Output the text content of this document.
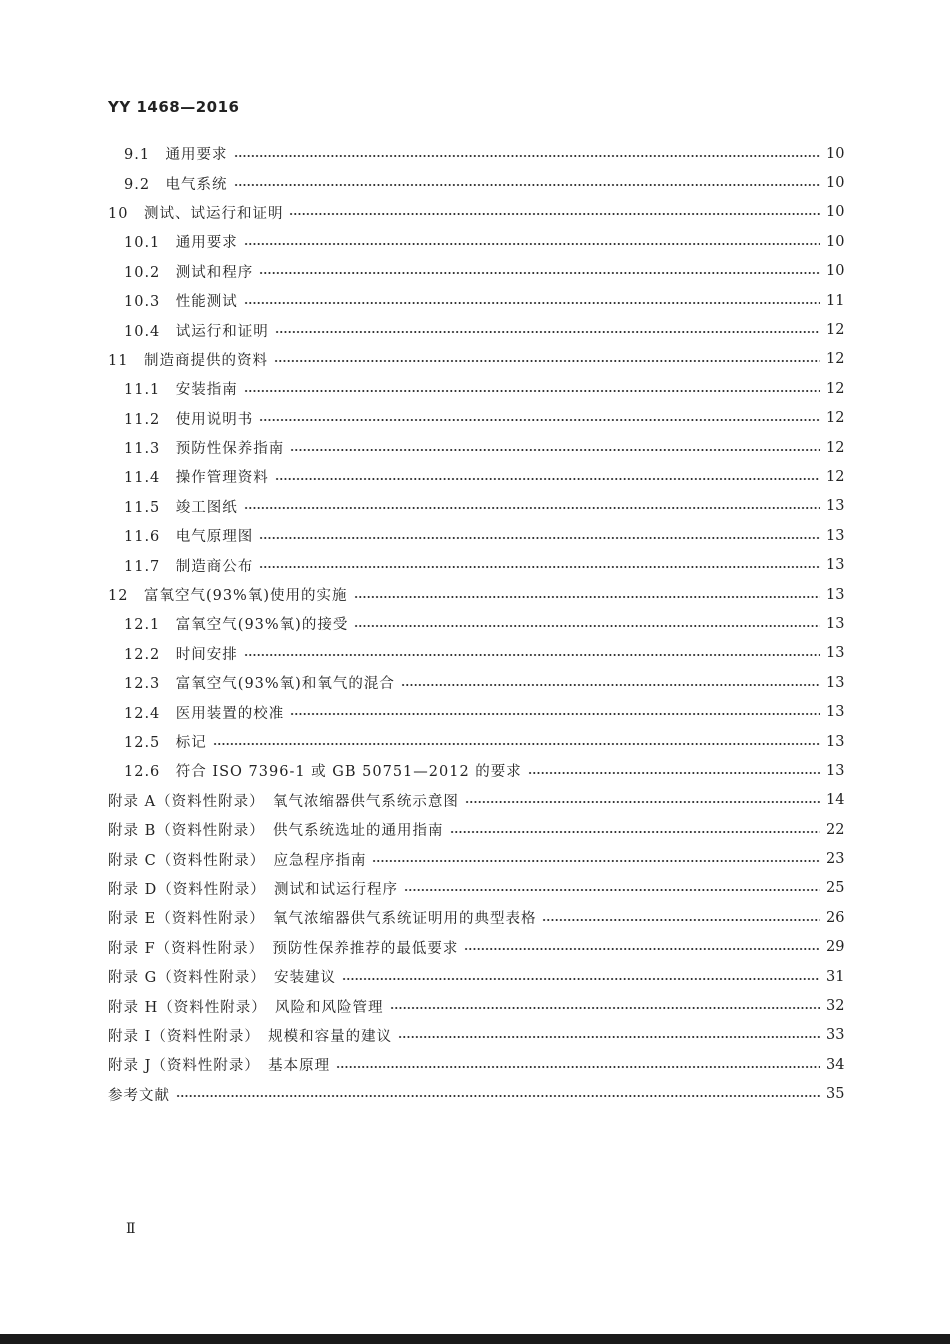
YY 1468—2016
9.1　通用要求	10
9.2　电气系统	10
10　测试、试运行和证明	10
10.1　通用要求	10
10.2　测试和程序	10
10.3　性能测试	11
10.4　试运行和证明	12
11　制造商提供的资料	12
11.1　安装指南	12
11.2　使用说明书	12
11.3　预防性保养指南	12
11.4　操作管理资料	12
11.5　竣工图纸	13
11.6　电气原理图	13
11.7　制造商公布	13
12　富氧空气(93%氧)使用的实施	13
12.1　富氧空气(93%氧)的接受	13
12.2　时间安排	13
12.3　富氧空气(93%氧)和氧气的混合	13
12.4　医用装置的校准	13
12.5　标记	13
12.6　符合 ISO 7396-1 或 GB 50751—2012 的要求	13
附录 A（资料性附录）　氧气浓缩器供气系统示意图	14
附录 B（资料性附录）　供气系统选址的通用指南	22
附录 C（资料性附录）　应急程序指南	23
附录 D（资料性附录）　测试和试运行程序	25
附录 E（资料性附录）　氧气浓缩器供气系统证明用的典型表格	26
附录 F（资料性附录）　预防性保养推荐的最低要求	29
附录 G（资料性附录）　安装建议	31
附录 H（资料性附录）　风险和风险管理	32
附录 I（资料性附录）　规模和容量的建议	33
附录 J（资料性附录）　基本原理	34
参考文献	35
Ⅱ
